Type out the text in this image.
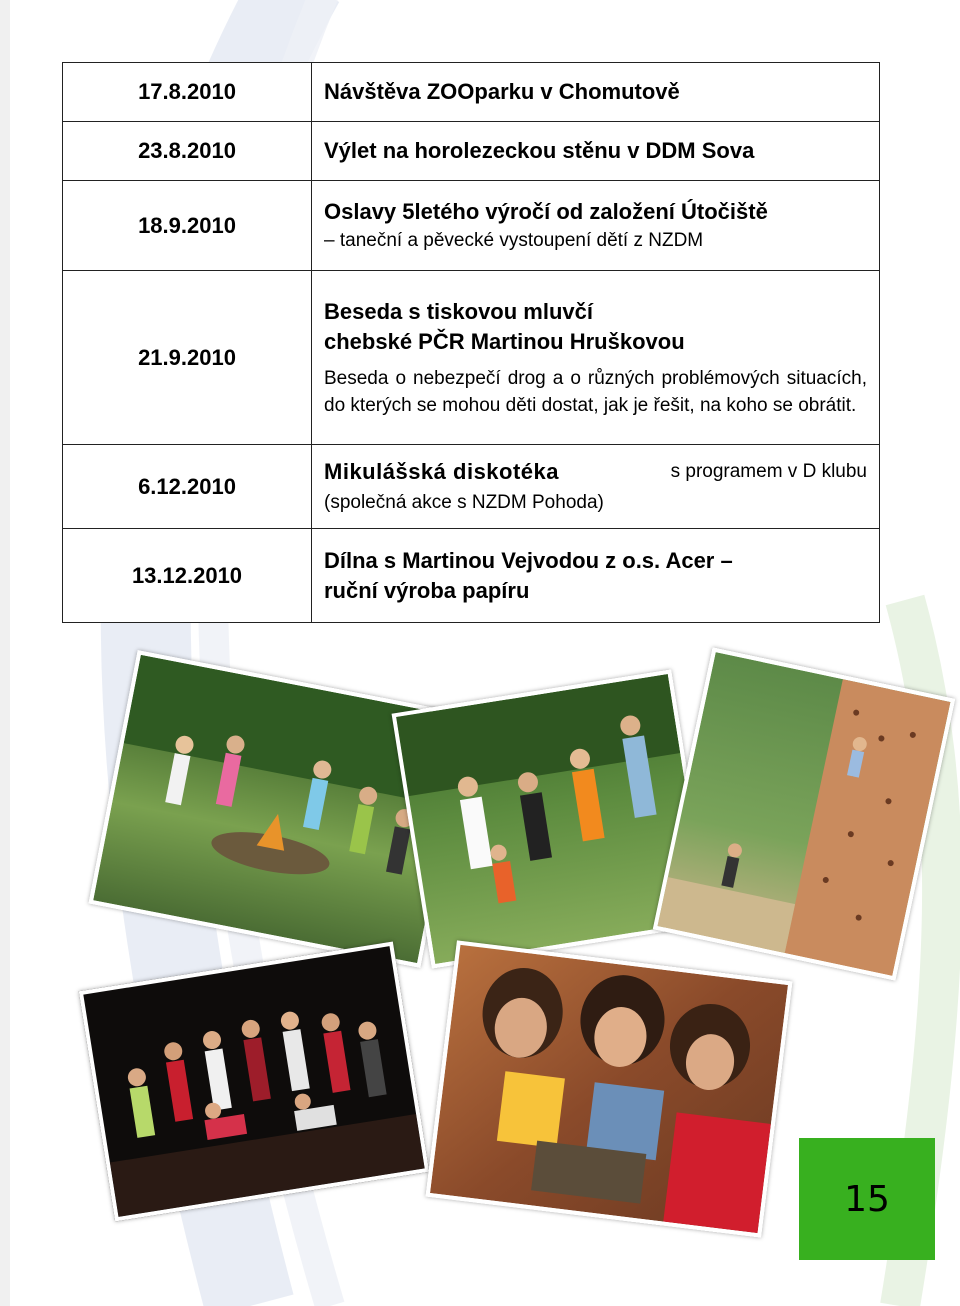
17.8.2010	Návštěva ZOOparku v Chomutově

23.8.2010	Výlet na horolezeckou stěnu v DDM Sova

18.9.2010	Oslavy 5letého výročí od založení Útočiště
– taneční a pěvecké vystoupení dětí z NZDM

21.9.2010	Beseda s tiskovou mluvčí
chebské PČR Martinou Hruškovou
Beseda o nebezpečí drog a o různých problémových situacích, do kterých se mohou děti dostat, jak je řešit, na koho se obrátit.

6.12.2010	Mikulášská diskotéka s programem v D klubu
(společná akce s NZDM Pohoda)

13.12.2010	Dílna s Martinou Vejvodou z o.s. Acer –
ruční výroba papíru
15
